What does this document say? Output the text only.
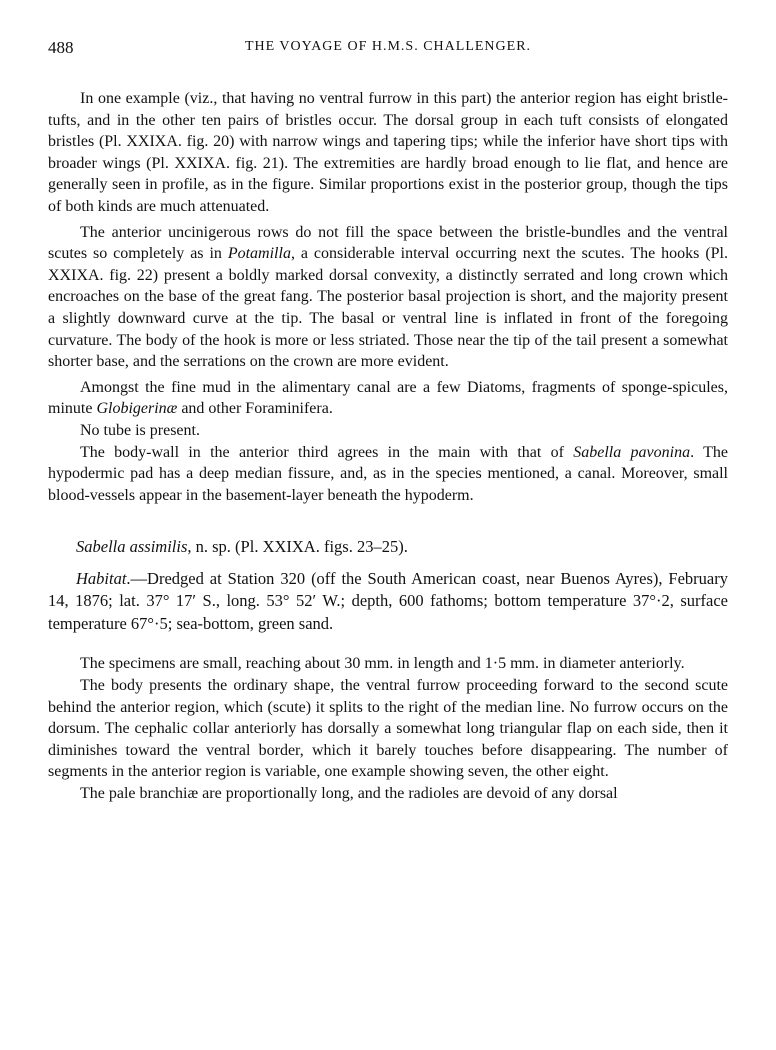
488	THE VOYAGE OF H.M.S. CHALLENGER.

In one example (viz., that having no ventral furrow in this part) the anterior region has eight bristle-tufts, and in the other ten pairs of bristles occur. The dorsal group in each tuft consists of elongated bristles (Pl. XXIXA. fig. 20) with narrow wings and tapering tips; while the inferior have short tips with broader wings (Pl. XXIXA. fig. 21). The extremities are hardly broad enough to lie flat, and hence are generally seen in profile, as in the figure. Similar proportions exist in the posterior group, though the tips of both kinds are much attenuated.

The anterior uncinigerous rows do not fill the space between the bristle-bundles and the ventral scutes so completely as in Potamilla, a considerable interval occurring next the scutes. The hooks (Pl. XXIXA. fig. 22) present a boldly marked dorsal convexity, a distinctly serrated and long crown which encroaches on the base of the great fang. The posterior basal projection is short, and the majority present a slightly downward curve at the tip. The basal or ventral line is inflated in front of the foregoing curvature. The body of the hook is more or less striated. Those near the tip of the tail present a somewhat shorter base, and the serrations on the crown are more evident.

Amongst the fine mud in the alimentary canal are a few Diatoms, fragments of sponge-spicules, minute Globigerinæ and other Foraminifera.

No tube is present.

The body-wall in the anterior third agrees in the main with that of Sabella pavonina. The hypodermic pad has a deep median fissure, and, as in the species mentioned, a canal. Moreover, small blood-vessels appear in the basement-layer beneath the hypoderm.

Sabella assimilis, n. sp. (Pl. XXIXA. figs. 23–25).

Habitat.—Dredged at Station 320 (off the South American coast, near Buenos Ayres), February 14, 1876; lat. 37° 17′ S., long. 53° 52′ W.; depth, 600 fathoms; bottom temperature 37°·2, surface temperature 67°·5; sea-bottom, green sand.

The specimens are small, reaching about 30 mm. in length and 1·5 mm. in diameter anteriorly.

The body presents the ordinary shape, the ventral furrow proceeding forward to the second scute behind the anterior region, which (scute) it splits to the right of the median line. No furrow occurs on the dorsum. The cephalic collar anteriorly has dorsally a somewhat long triangular flap on each side, then it diminishes toward the ventral border, which it barely touches before disappearing. The number of segments in the anterior region is variable, one example showing seven, the other eight.

The pale branchiæ are proportionally long, and the radioles are devoid of any dorsal
